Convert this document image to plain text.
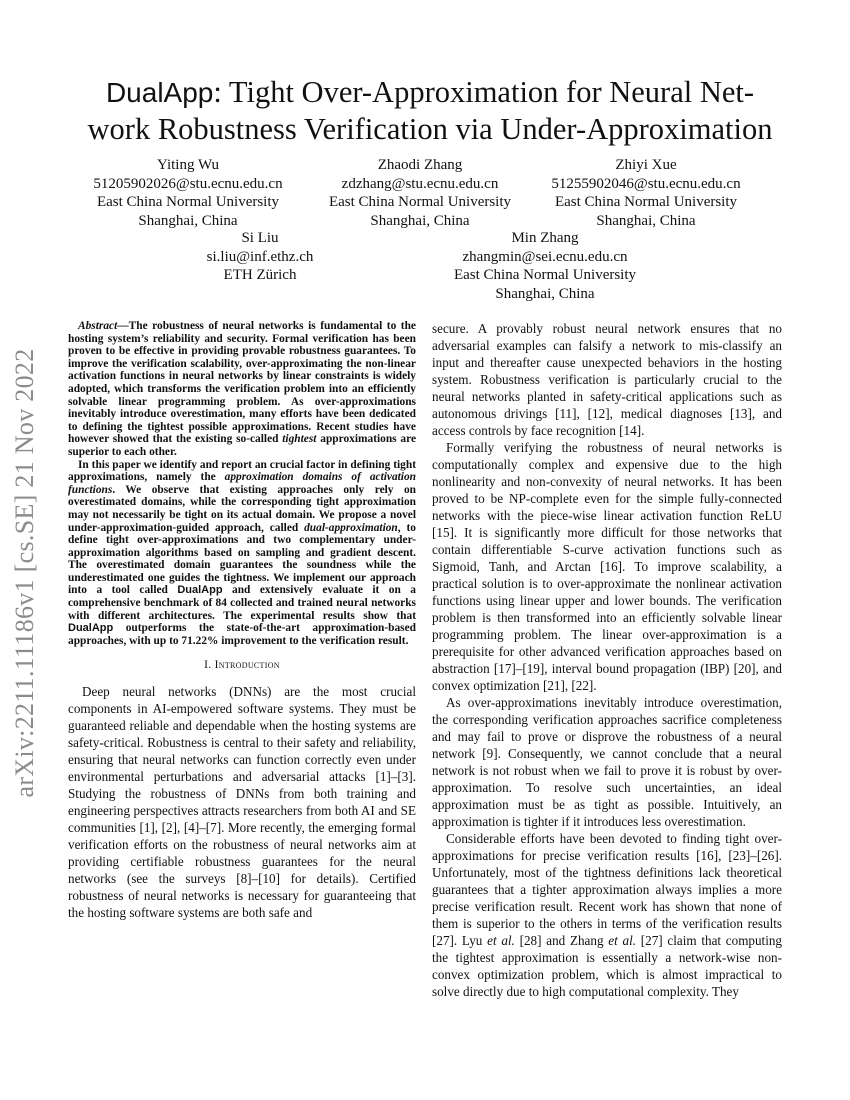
arXiv:2211.11186v1 [cs.SE] 21 Nov 2022
DualApp: Tight Over-Approximation for Neural Net-
work Robustness Verification via Under-Approximation
Yiting Wu
51205902026@stu.ecnu.edu.cn
East China Normal University
Shanghai, China
Zhaodi Zhang
zdzhang@stu.ecnu.edu.cn
East China Normal University
Shanghai, China
Zhiyi Xue
51255902046@stu.ecnu.edu.cn
East China Normal University
Shanghai, China
Si Liu
si.liu@inf.ethz.ch
ETH Zürich
Min Zhang
zhangmin@sei.ecnu.edu.cn
East China Normal University
Shanghai, China

Abstract—The robustness of neural networks is fundamental to the hosting system’s reliability and security. Formal verification has been proven to be effective in providing provable robustness guarantees. To improve the verification scalability, over-approximating the non-linear activation functions in neural networks by linear constraints is widely adopted, which transforms the verification problem into an efficiently solvable linear programming problem. As over-approximations inevitably introduce overestimation, many efforts have been dedicated to defining the tightest possible approximations. Recent studies have however showed that the existing so-called tightest approximations are superior to each other.

In this paper we identify and report an crucial factor in defining tight approximations, namely the approximation domains of activation functions. We observe that existing approaches only rely on overestimated domains, while the corresponding tight approximation may not necessarily be tight on its actual domain. We propose a novel under-approximation-guided approach, called dual-approximation, to define tight over-approximations and two complementary under-approximation algorithms based on sampling and gradient descent. The overestimated domain guarantees the soundness while the underestimated one guides the tightness. We implement our approach into a tool called DualApp and extensively evaluate it on a comprehensive benchmark of 84 collected and trained neural networks with different architectures. The experimental results show that DualApp outperforms the state-of-the-art approximation-based approaches, with up to 71.22% improvement to the verification result.

I. Introduction

Deep neural networks (DNNs) are the most crucial components in AI-empowered software systems. They must be guaranteed reliable and dependable when the hosting systems are safety-critical. Robustness is central to their safety and reliability, ensuring that neural networks can function correctly even under environmental perturbations and adversarial attacks [1]–[3]. Studying the robustness of DNNs from both training and engineering perspectives attracts researchers from both AI and SE communities [1], [2], [4]–[7]. More recently, the emerging formal verification efforts on the robustness of neural networks aim at providing certifiable robustness guarantees for the neural networks (see the surveys [8]–[10] for details). Certified robustness of neural networks is necessary for guaranteeing that the hosting software systems are both safe and

secure. A provably robust neural network ensures that no adversarial examples can falsify a network to mis-classify an input and thereafter cause unexpected behaviors in the hosting system. Robustness verification is particularly crucial to the neural networks planted in safety-critical applications such as autonomous drivings [11], [12], medical diagnoses [13], and access controls by face recognition [14].

Formally verifying the robustness of neural networks is computationally complex and expensive due to the high nonlinearity and non-convexity of neural networks. It has been proved to be NP-complete even for the simple fully-connected networks with the piece-wise linear activation function ReLU [15]. It is significantly more difficult for those networks that contain differentiable S-curve activation functions such as Sigmoid, Tanh, and Arctan [16]. To improve scalability, a practical solution is to over-approximate the nonlinear activation functions using linear upper and lower bounds. The verification problem is then transformed into an efficiently solvable linear programming problem. The linear over-approximation is a prerequisite for other advanced verification approaches based on abstraction [17]–[19], interval bound propagation (IBP) [20], and convex optimization [21], [22].

As over-approximations inevitably introduce overestimation, the corresponding verification approaches sacrifice completeness and may fail to prove or disprove the robustness of a neural network [9]. Consequently, we cannot conclude that a neural network is not robust when we fail to prove it is robust by over-approximation. To resolve such uncertainties, an ideal approximation must be as tight as possible. Intuitively, an approximation is tighter if it introduces less overestimation.

Considerable efforts have been devoted to finding tight over-approximations for precise verification results [16], [23]–[26]. Unfortunately, most of the tightness definitions lack theoretical guarantees that a tighter approximation always implies a more precise verification result. Recent work has shown that none of them is superior to the others in terms of the verification results [27]. Lyu et al. [28] and Zhang et al. [27] claim that computing the tightest approximation is essentially a network-wise non-convex optimization problem, which is almost impractical to solve directly due to high computational complexity. They
